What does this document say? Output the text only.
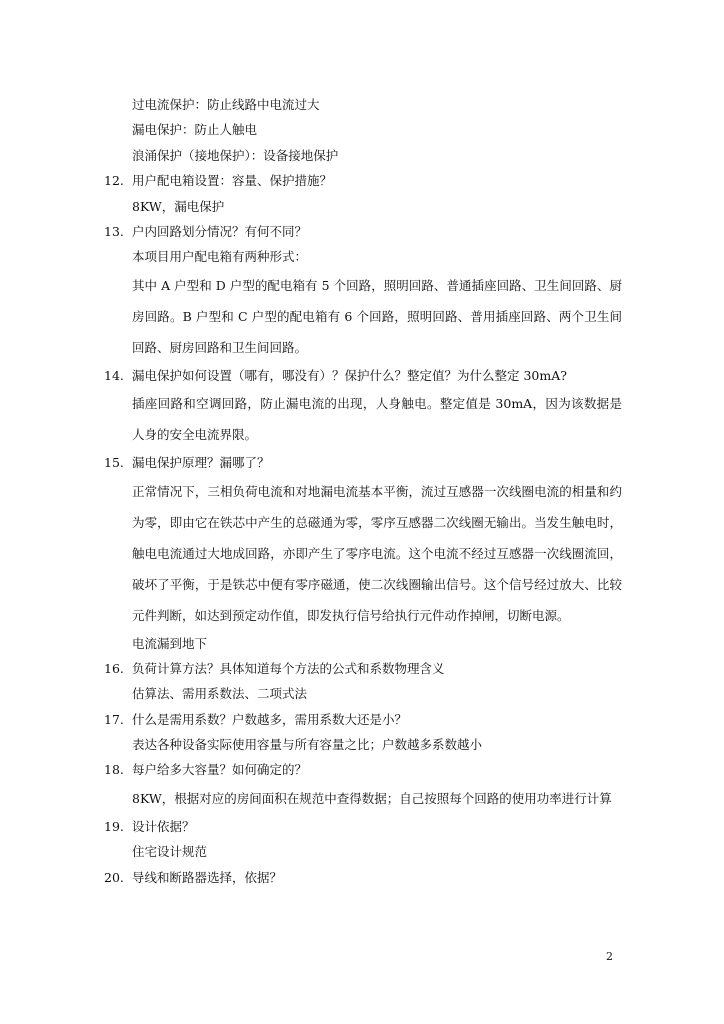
过电流保护：防止线路中电流过大
漏电保护：防止人触电
浪涌保护（接地保护）：设备接地保护
12. 用户配电箱设置：容量、保护措施？
8KW，漏电保护
13. 户内回路划分情况？有何不同？
本项目用户配电箱有两种形式：
其中 A 户型和 D 户型的配电箱有 5 个回路，照明回路、普通插座回路、卫生间回路、厨房回路。B 户型和 C 户型的配电箱有 6 个回路，照明回路、普用插座回路、两个卫生间回路、厨房回路和卫生间回路。
14. 漏电保护如何设置（哪有，哪没有）？保护什么？整定值？为什么整定 30mA?
插座回路和空调回路，防止漏电流的出现，人身触电。整定值是 30mA，因为该数据是人身的安全电流界限。
15. 漏电保护原理？漏哪了？
正常情况下，三相负荷电流和对地漏电流基本平衡，流过互感器一次线圈电流的相量和约为零，即由它在铁芯中产生的总磁通为零，零序互感器二次线圈无输出。当发生触电时，触电电流通过大地成回路，亦即产生了零序电流。这个电流不经过互感器一次线圈流回，破坏了平衡，于是铁芯中便有零序磁通，使二次线圈输出信号。这个信号经过放大、比较元件判断，如达到预定动作值，即发执行信号给执行元件动作掉闸，切断电源。
电流漏到地下
16. 负荷计算方法？具体知道每个方法的公式和系数物理含义
估算法、需用系数法、二项式法
17. 什么是需用系数？户数越多，需用系数大还是小？
表达各种设备实际使用容量与所有容量之比；户数越多系数越小
18. 每户给多大容量？如何确定的？
8KW，根据对应的房间面积在规范中查得数据；自己按照每个回路的使用功率进行计算
19. 设计依据？
住宅设计规范
20. 导线和断路器选择，依据？
2
